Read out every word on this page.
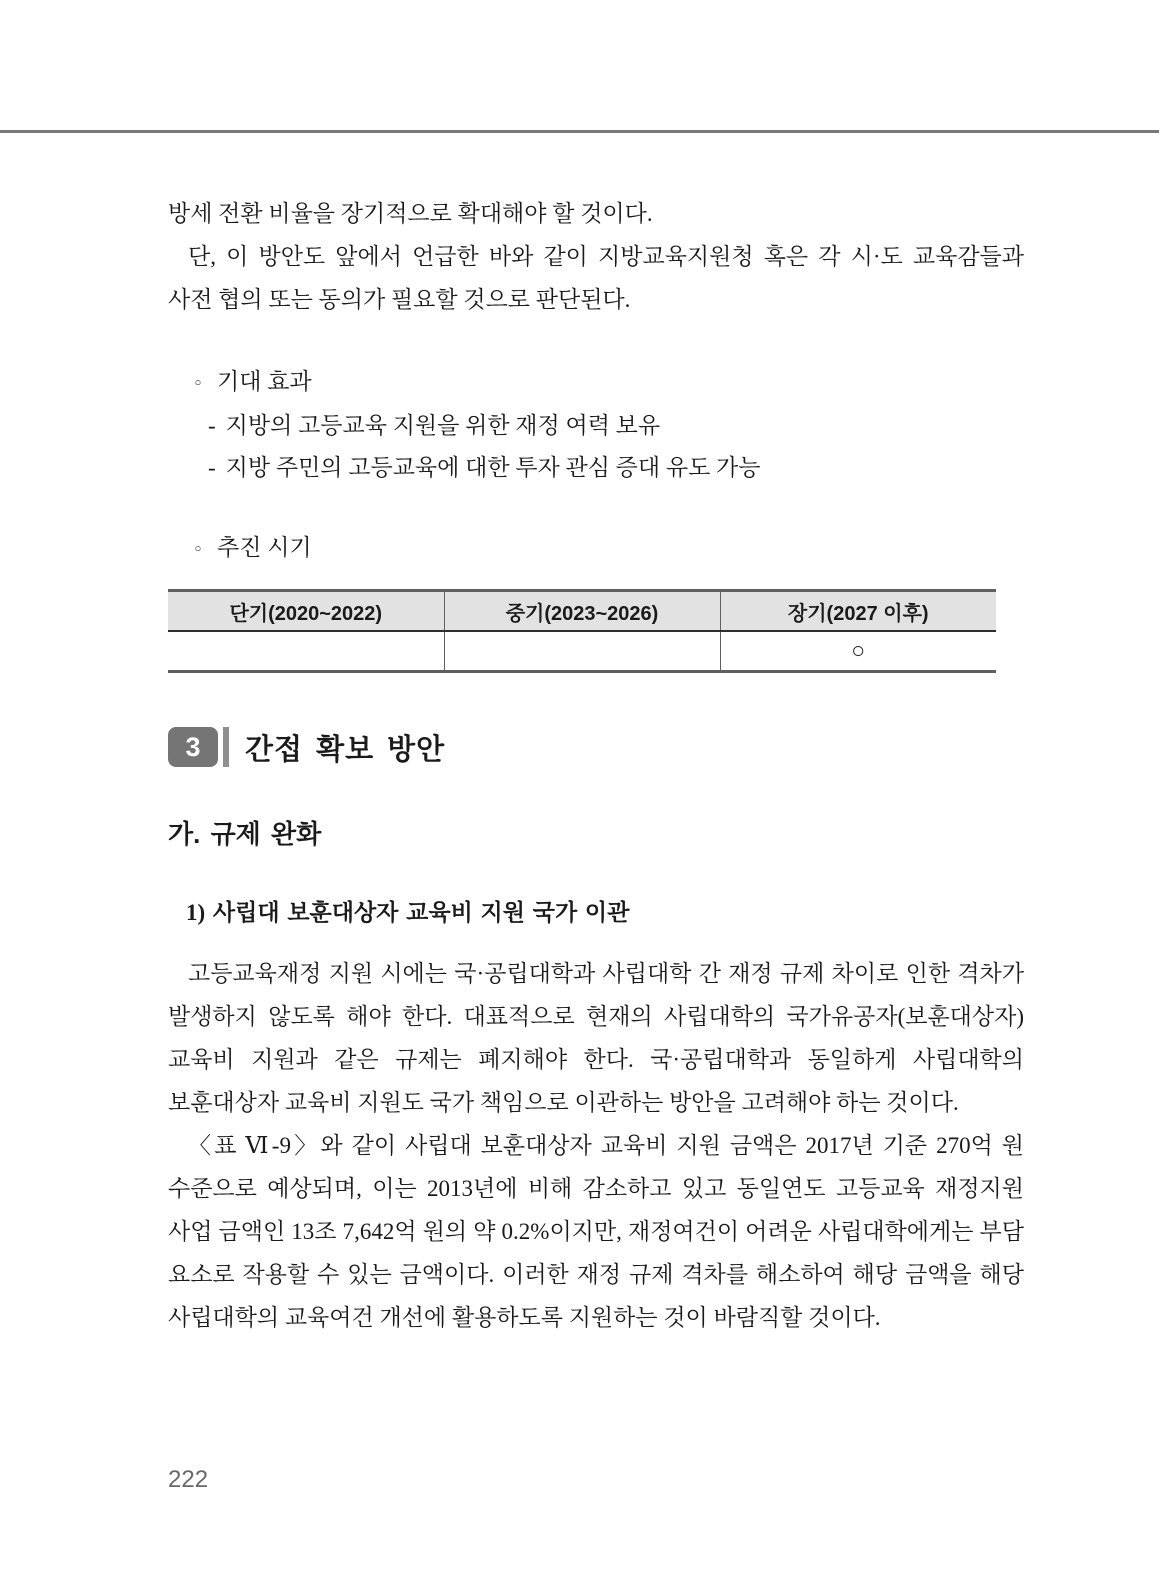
방세 전환 비율을 장기적으로 확대해야 할 것이다.

단, 이 방안도 앞에서 언급한 바와 같이 지방교육지원청 혹은 각 시·도 교육감들과 사전 협의 또는 동의가 필요할 것으로 판단된다.

◦ 기대 효과
- 지방의 고등교육 지원을 위한 재정 여력 보유
- 지방 주민의 고등교육에 대한 투자 관심 증대 유도 가능
◦ 추진 시기
단기(2020~2022)	중기(2023~2026)	장기(2027 이후)
		○
3	간접 확보 방안
가. 규제 완화
1) 사립대 보훈대상자 교육비 지원 국가 이관

고등교육재정 지원 시에는 국·공립대학과 사립대학 간 재정 규제 차이로 인한 격차가 발생하지 않도록 해야 한다. 대표적으로 현재의 사립대학의 국가유공자(보훈대상자) 교육비 지원과 같은 규제는 폐지해야 한다. 국·공립대학과 동일하게 사립대학의 보훈대상자 교육비 지원도 국가 책임으로 이관하는 방안을 고려해야 하는 것이다.

〈표 Ⅵ-9〉와 같이 사립대 보훈대상자 교육비 지원 금액은 2017년 기준 270억 원 수준으로 예상되며, 이는 2013년에 비해 감소하고 있고 동일연도 고등교육 재정지원 사업 금액인 13조 7,642억 원의 약 0.2%이지만, 재정여건이 어려운 사립대학에게는 부담 요소로 작용할 수 있는 금액이다. 이러한 재정 규제 격차를 해소하여 해당 금액을 해당 사립대학의 교육여건 개선에 활용하도록 지원하는 것이 바람직할 것이다.

222
